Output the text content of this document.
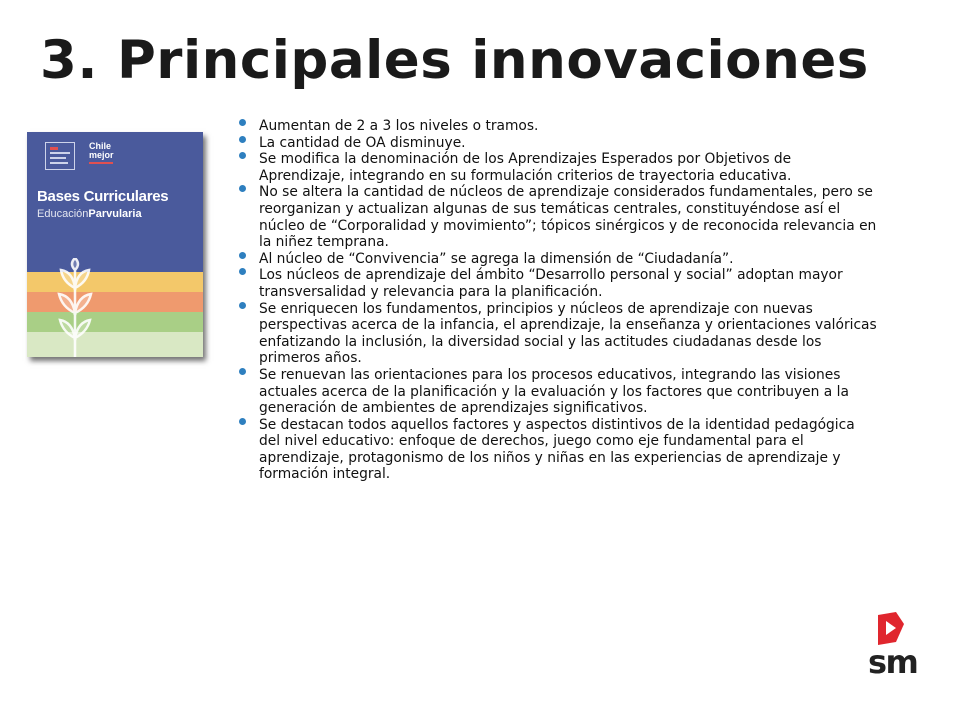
3. Principales innovaciones
Chile
mejor
Bases Curriculares
EducaciónParvularia
Aumentan de 2 a 3 los niveles o tramos.
La cantidad de OA disminuye.
Se modifica la denominación de los Aprendizajes Esperados por Objetivos de Aprendizaje, integrando en su formulación criterios de trayectoria educativa.
No se altera la cantidad de núcleos de aprendizaje considerados fundamentales, pero se reorganizan y actualizan algunas de sus temáticas centrales, constituyéndose así el núcleo de “Corporalidad y movimiento”; tópicos sinérgicos y de reconocida relevancia en la niñez temprana.
Al núcleo de “Convivencia” se agrega la dimensión de “Ciudadanía”.
Los núcleos de aprendizaje del ámbito “Desarrollo personal y social” adoptan mayor transversalidad y relevancia para la planificación.
Se enriquecen los fundamentos, principios y núcleos de aprendizaje con nuevas perspectivas acerca de la infancia, el aprendizaje, la enseñanza y orientaciones valóricas enfatizando la inclusión, la diversidad social y las actitudes ciudadanas desde los primeros años.
Se renuevan las orientaciones para los procesos educativos, integrando las visiones actuales acerca de la planificación y la evaluación y los factores que contribuyen a la generación de ambientes de aprendizajes significativos.
Se destacan todos aquellos factores y aspectos distintivos de la identidad pedagógica del nivel educativo: enfoque de derechos, juego como eje fundamental para el aprendizaje, protagonismo de los niños y niñas en las experiencias de aprendizaje y formación integral.
sm
